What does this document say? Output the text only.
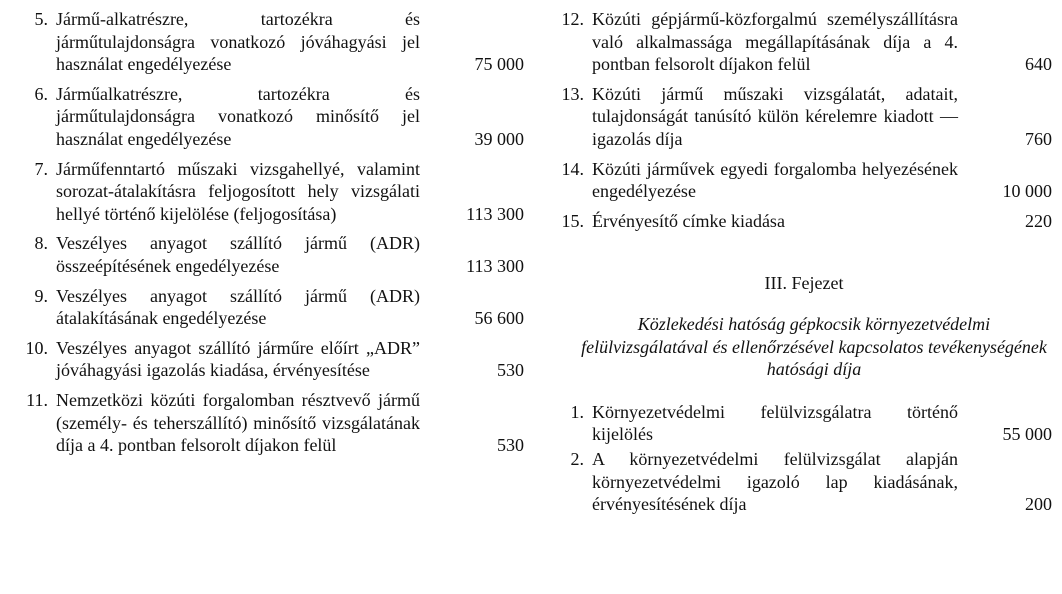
5. Jármű-alkatrészre, tartozékra és járműtulajdonságra vonatkozó jóváhagyási jel használat engedélyezése	75 000
6. Járműalkatrészre, tartozékra és járműtulajdonságra vonatkozó minősítő jel használat engedélyezése	39 000
7. Járműfenntartó műszaki vizsgahellyé, valamint sorozat-átalakításra feljogosított hely vizsgálati hellyé történő kijelölése (feljogosítása)	113 300
8. Veszélyes anyagot szállító jármű (ADR) összeépítésének engedélyezése	113 300
9. Veszélyes anyagot szállító jármű (ADR) átalakításának engedélyezése	56 600
10. Veszélyes anyagot szállító járműre előírt „ADR” jóváhagyási igazolás kiadása, érvényesítése	530
11. Nemzetközi közúti forgalomban résztvevő jármű (személy- és teherszállító) minősítő vizsgálatának díja a 4. pontban felsorolt díjakon felül	530
12. Közúti gépjármű-közforgalmú személyszállításra való alkalmassága megállapításának díja a 4. pontban felsorolt díjakon felül	640
13. Közúti jármű műszaki vizsgálatát, adatait, tulajdonságát tanúsító külön kérelemre kiadott — igazolás díja	760
14. Közúti járművek egyedi forgalomba helyezésének engedélyezése	10 000
15. Érvényesítő címke kiadása	220
III. Fejezet
Közlekedési hatóság gépkocsik környezetvédelmi felülvizsgálatával és ellenőrzésével kapcsolatos tevékenységének hatósági díja
1. Környezetvédelmi felülvizsgálatra történő kijelölés	55 000
2. A környezetvédelmi felülvizsgálat alapján környezetvédelmi igazoló lap kiadásának, érvényesítésének díja	200
